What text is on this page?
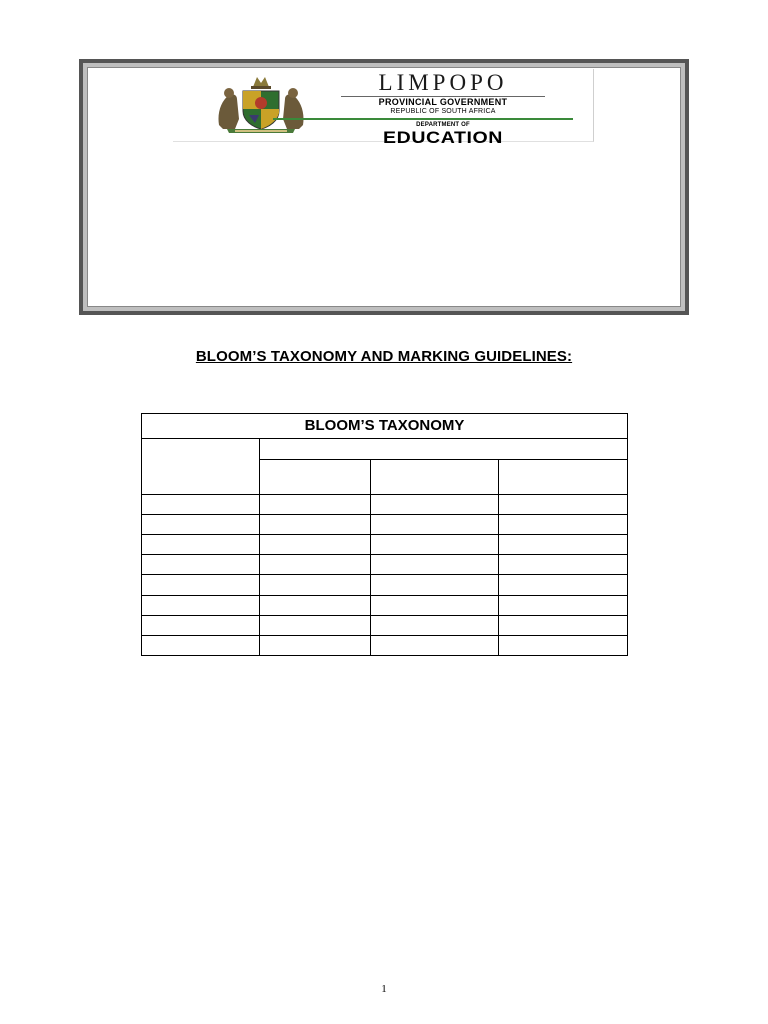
LIMPOPO
PROVINCIAL GOVERNMENT
REPUBLIC OF SOUTH AFRICA
DEPARTMENT OF
EDUCATION
BLOOM’S TAXONOMY AND MARKING GUIDELINES:
BLOOM’S TAXONOMY			

1
